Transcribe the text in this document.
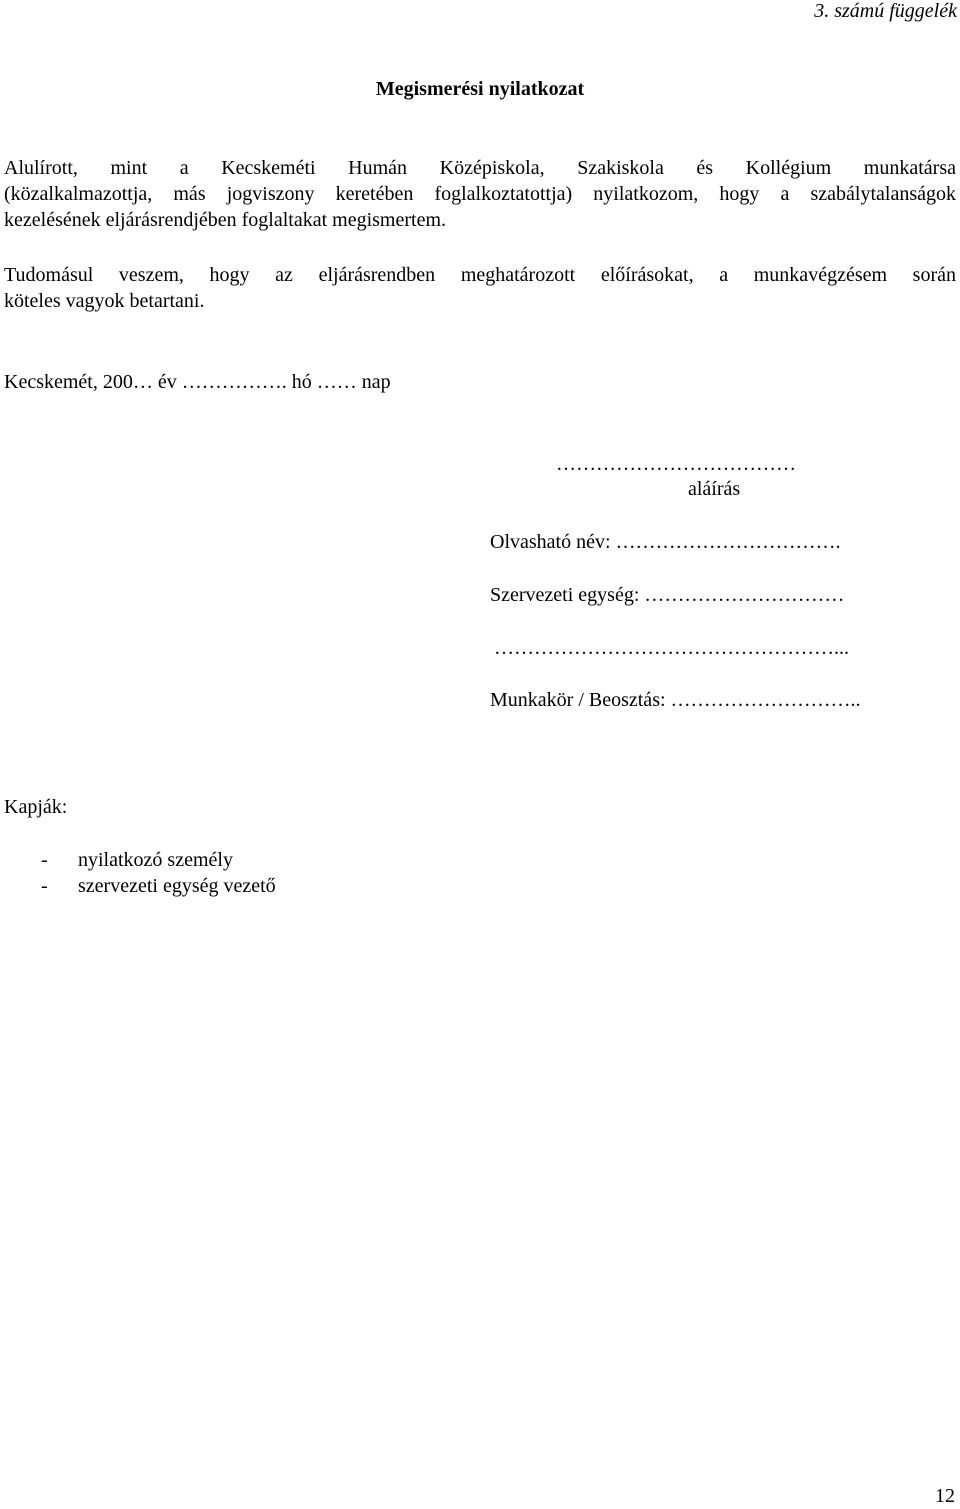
3. számú függelék
Megismerési nyilatkozat
Alulírott, mint a Kecskeméti Humán Középiskola, Szakiskola és Kollégium munkatársa
(közalkalmazottja, más jogviszony keretében foglalkoztatottja) nyilatkozom, hogy a szabálytalanságok
kezelésének eljárásrendjében foglaltakat megismertem.
Tudomásul veszem, hogy az eljárásrendben meghatározott előírásokat, a munkavégzésem során
köteles vagyok betartani.
Kecskemét, 200… év ……………. hó …… nap
………………………………
aláírás
Olvasható név: …………………………….
Szervezeti egység: …………………………
……………………………………………...
Munkakör / Beosztás: ………………………..
Kapják:
- nyilatkozó személy
- szervezeti egység vezető
12
